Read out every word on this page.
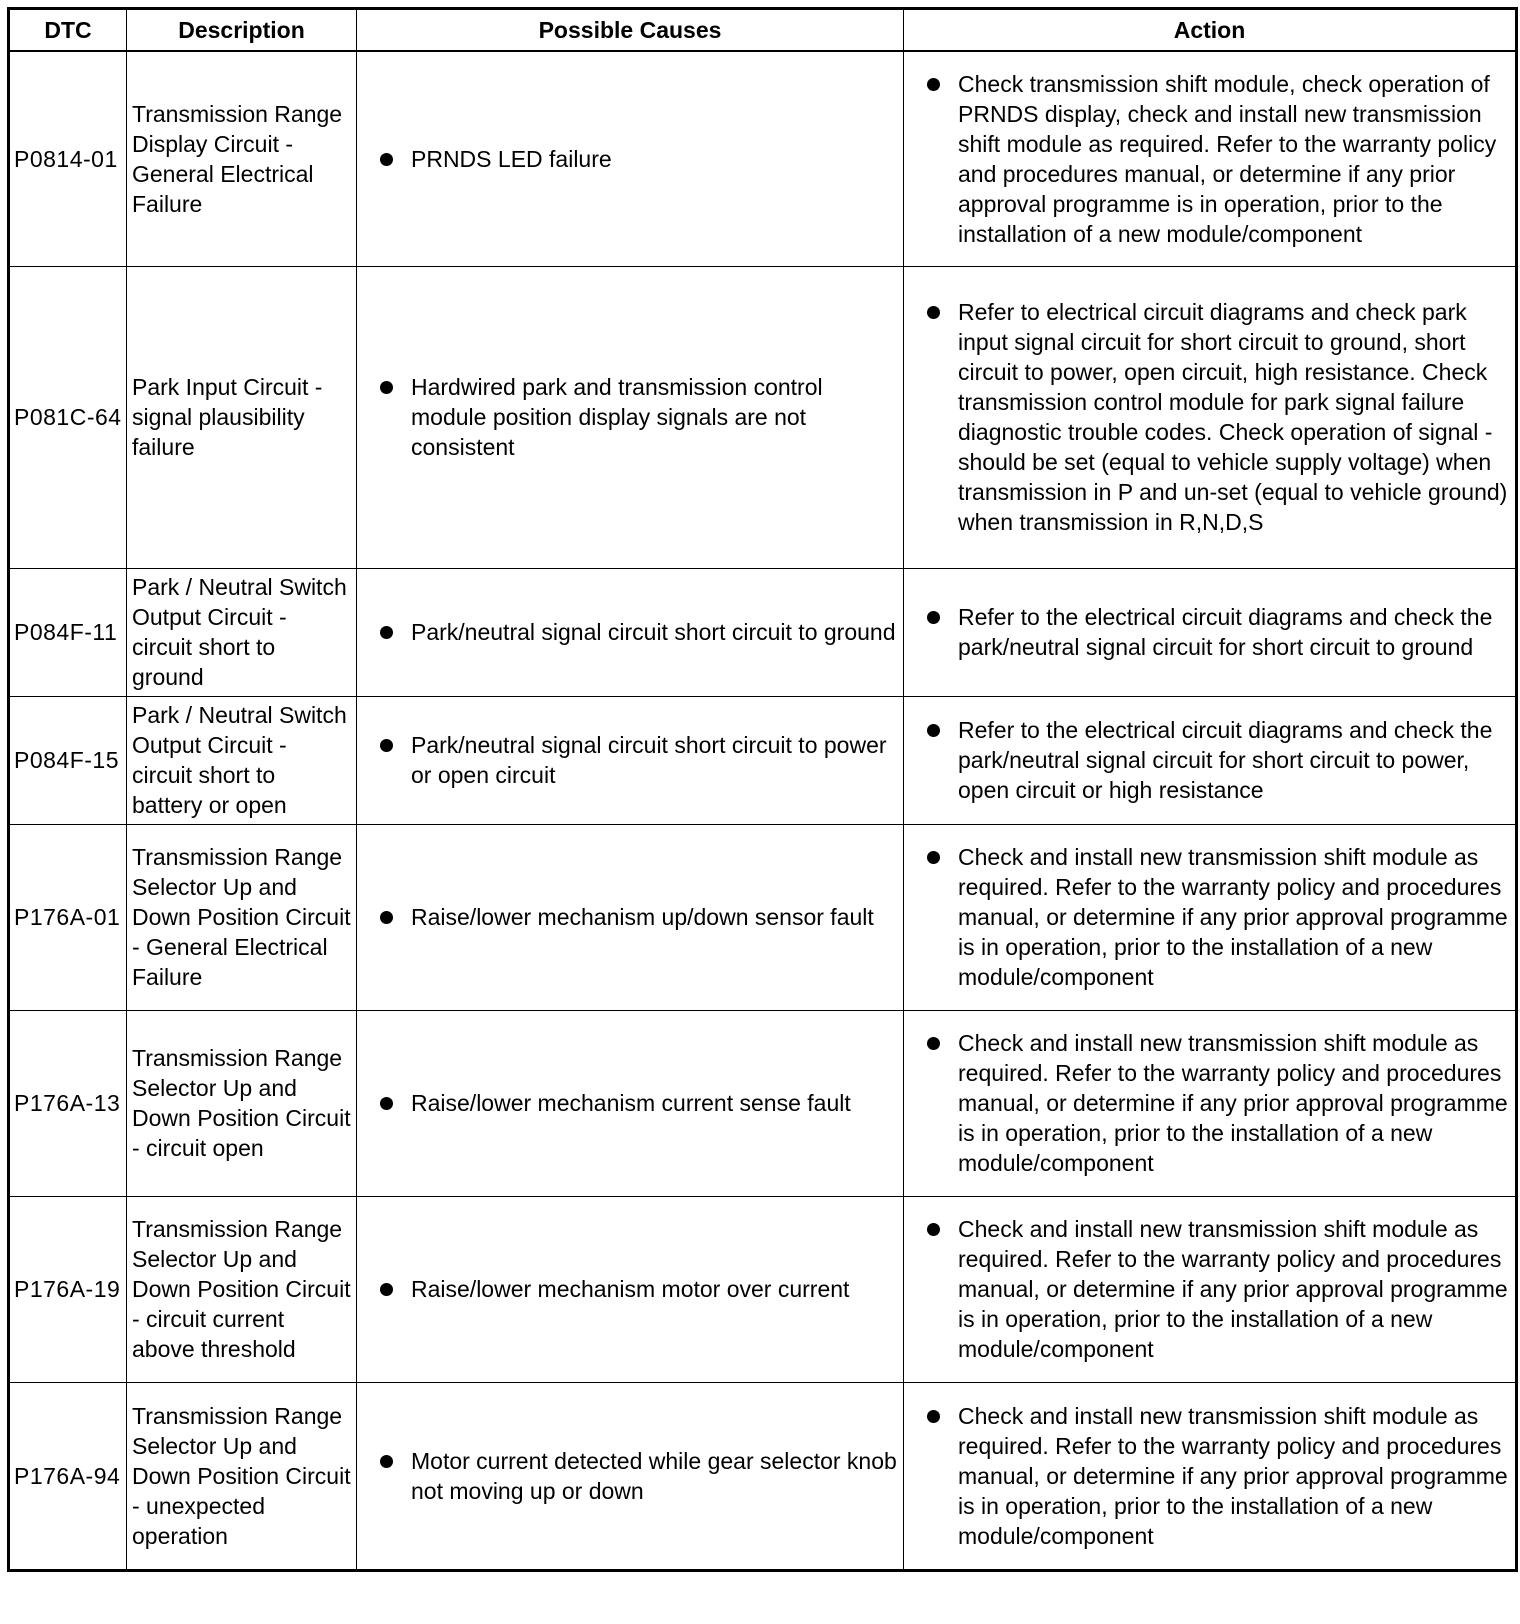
DTC	Description	Possible Causes	Action
P0814-01	Transmission Range Display Circuit - General Electrical Failure	PRNDS LED failure	Check transmission shift module, check operation of PRNDS display, check and install new transmission shift module as required. Refer to the warranty policy and procedures manual, or determine if any prior approval programme is in operation, prior to the installation of a new module/component

P081C-64	Park Input Circuit - signal plausibility failure	Hardwired park and transmission control module position display signals are not consistent	Refer to electrical circuit diagrams and check park input signal circuit for short circuit to ground, short circuit to power, open circuit, high resistance. Check transmission control module for park signal failure diagnostic trouble codes. Check operation of signal - should be set (equal to vehicle supply voltage) when transmission in P and un-set (equal to vehicle ground) when transmission in R,N,D,S

P084F-11	Park / Neutral Switch Output Circuit - circuit short to ground	Park/neutral signal circuit short circuit to ground	Refer to the electrical circuit diagrams and check the park/neutral signal circuit for short circuit to ground

P084F-15	Park / Neutral Switch Output Circuit - circuit short to battery or open	Park/neutral signal circuit short circuit to power or open circuit	Refer to the electrical circuit diagrams and check the park/neutral signal circuit for short circuit to power, open circuit or high resistance

P176A-01	Transmission Range Selector Up and Down Position Circuit - General Electrical Failure	Raise/lower mechanism up/down sensor fault	Check and install new transmission shift module as required. Refer to the warranty policy and procedures manual, or determine if any prior approval programme is in operation, prior to the installation of a new module/component

P176A-13	Transmission Range Selector Up and Down Position Circuit - circuit open	Raise/lower mechanism current sense fault	Check and install new transmission shift module as required. Refer to the warranty policy and procedures manual, or determine if any prior approval programme is in operation, prior to the installation of a new module/component

P176A-19	Transmission Range Selector Up and Down Position Circuit - circuit current above threshold	Raise/lower mechanism motor over current	Check and install new transmission shift module as required. Refer to the warranty policy and procedures manual, or determine if any prior approval programme is in operation, prior to the installation of a new module/component

P176A-94	Transmission Range Selector Up and Down Position Circuit - unexpected operation	Motor current detected while gear selector knob not moving up or down	Check and install new transmission shift module as required. Refer to the warranty policy and procedures manual, or determine if any prior approval programme is in operation, prior to the installation of a new module/component
